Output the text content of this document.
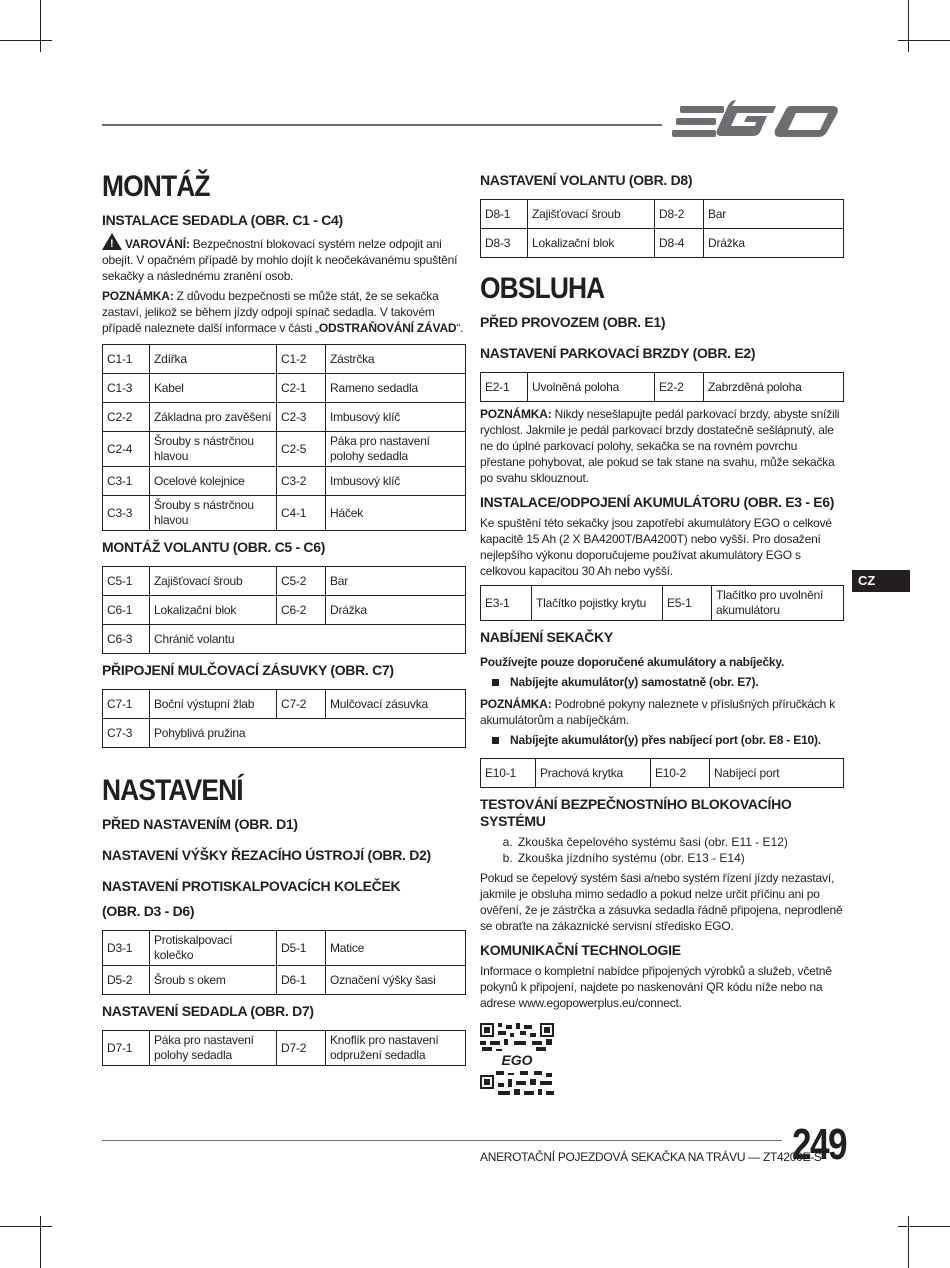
MONTÁŽ
INSTALACE SEDADLA (OBR. C1 - C4)

! VAROVÁNÍ: Bezpečnostní blokovací systém nelze odpojit ani obejít. V opačném případě by mohlo dojít k neočekávanému spuštění sekačky a následnému zranění osob.

POZNÁMKA: Z důvodu bezpečnosti se může stát, že se sekačka zastaví, jelikož se během jízdy odpojí spínač sedadla. V takovém případě naleznete další informace v části „ODSTRAŇOVÁNÍ ZÁVAD“.

C1-1	Zdířka	C1-2	Zástrčka
C1-3	Kabel	C2-1	Rameno sedadla
C2-2	Základna pro zavěšení	C2-3	Imbusový klíč
C2-4	Šrouby s nástrčnou hlavou	C2-5	Páka pro nastavení polohy sedadla
C3-1	Ocelové kolejnice	C3-2	Imbusový klíč
C3-3	Šrouby s nástrčnou hlavou	C4-1	Háček
MONTÁŽ VOLANTU (OBR. C5 - C6)
C5-1	Zajišťovací šroub	C5-2	Bar
C6-1	Lokalizační blok	C6-2	Drážka
C6-3	Chránič volantu		
PŘIPOJENÍ MULČOVACÍ ZÁSUVKY (OBR. C7)
C7-1	Boční výstupní žlab	C7-2	Mulčovací zásuvka
C7-3	Pohyblivá pružina		
NASTAVENÍ
PŘED NASTAVENÍM (OBR. D1)
NASTAVENÍ VÝŠKY ŘEZACÍHO ÚSTROJÍ (OBR. D2)
NASTAVENÍ PROTISKALPOVACÍCH KOLEČEK
(OBR. D3 - D6)
D3-1	Protiskalpovací kolečko	D5-1	Matice
D5-2	Šroub s okem	D6-1	Označení výšky šasi
NASTAVENÍ SEDADLA (OBR. D7)
D7-1	Páka pro nastavení polohy sedadla	D7-2	Knoflík pro nastavení odpružení sedadla
NASTAVENÍ VOLANTU (OBR. D8)
D8-1	Zajišťovací šroub	D8-2	Bar
D8-3	Lokalizační blok	D8-4	Drážka
OBSLUHA
PŘED PROVOZEM (OBR. E1)
NASTAVENÍ PARKOVACÍ BRZDY (OBR. E2)
E2-1	Uvolněná poloha	E2-2	Zabrzděná poloha

POZNÁMKA: Nikdy nesešlapujte pedál parkovací brzdy, abyste snížili rychlost. Jakmile je pedál parkovací brzdy dostatečně sešlápnutý, ale ne do úplné parkovací polohy, sekačka se na rovném povrchu přestane pohybovat, ale pokud se tak stane na svahu, může sekačka po svahu sklouznout.

INSTALACE/ODPOJENÍ AKUMULÁTORU (OBR. E3 - E6)

Ke spuštění této sekačky jsou zapotřebí akumulátory EGO o celkové kapacitě 15 Ah (2 X BA4200T/BA4200T) nebo vyšší. Pro dosažení nejlepšího výkonu doporučujeme používat akumulátory EGO s celkovou kapacitou 30 Ah nebo vyšší.

E3-1	Tlačítko pojistky krytu	E5-1	Tlačítko pro uvolnění akumulátoru
NABÍJENÍ SEKAČKY

Používejte pouze doporučené akumulátory a nabíječky.

Nabíjejte akumulátor(y) samostatně (obr. E7).

POZNÁMKA: Podrobné pokyny naleznete v příslušných příručkách k akumulátorům a nabíječkám.

Nabíjejte akumulátor(y) přes nabíjecí port (obr. E8 - E10).

E10-1	Prachová krytka	E10-2	Nabíjecí port
TESTOVÁNÍ BEZPEČNOSTNÍHO BLOKOVACÍHO SYSTÉMU
a. Zkouška čepelového systému šasi (obr. E11 - E12)
b. Zkouška jízdního systému (obr. E13 - E14)

Pokud se čepelový systém šasi a/nebo systém řízení jízdy nezastaví, jakmile je obsluha mimo sedadlo a pokud nelze určit příčinu ani po ověření, že je zástrčka a zásuvka sedadla řádně připojena, neprodleně se obraťte na zákaznické servisní středisko EGO.

KOMUNIKAČNÍ TECHNOLOGIE

Informace o kompletní nabídce připojených výrobků a služeb, včetně pokynů k připojení, najdete po naskenování QR kódu níže nebo na adrese www.egopowerplus.eu/connect.

EGO
CZ
ANEROTAČNÍ POJEZDOVÁ SEKAČKA NA TRÁVU — ZT4200E-S
249
